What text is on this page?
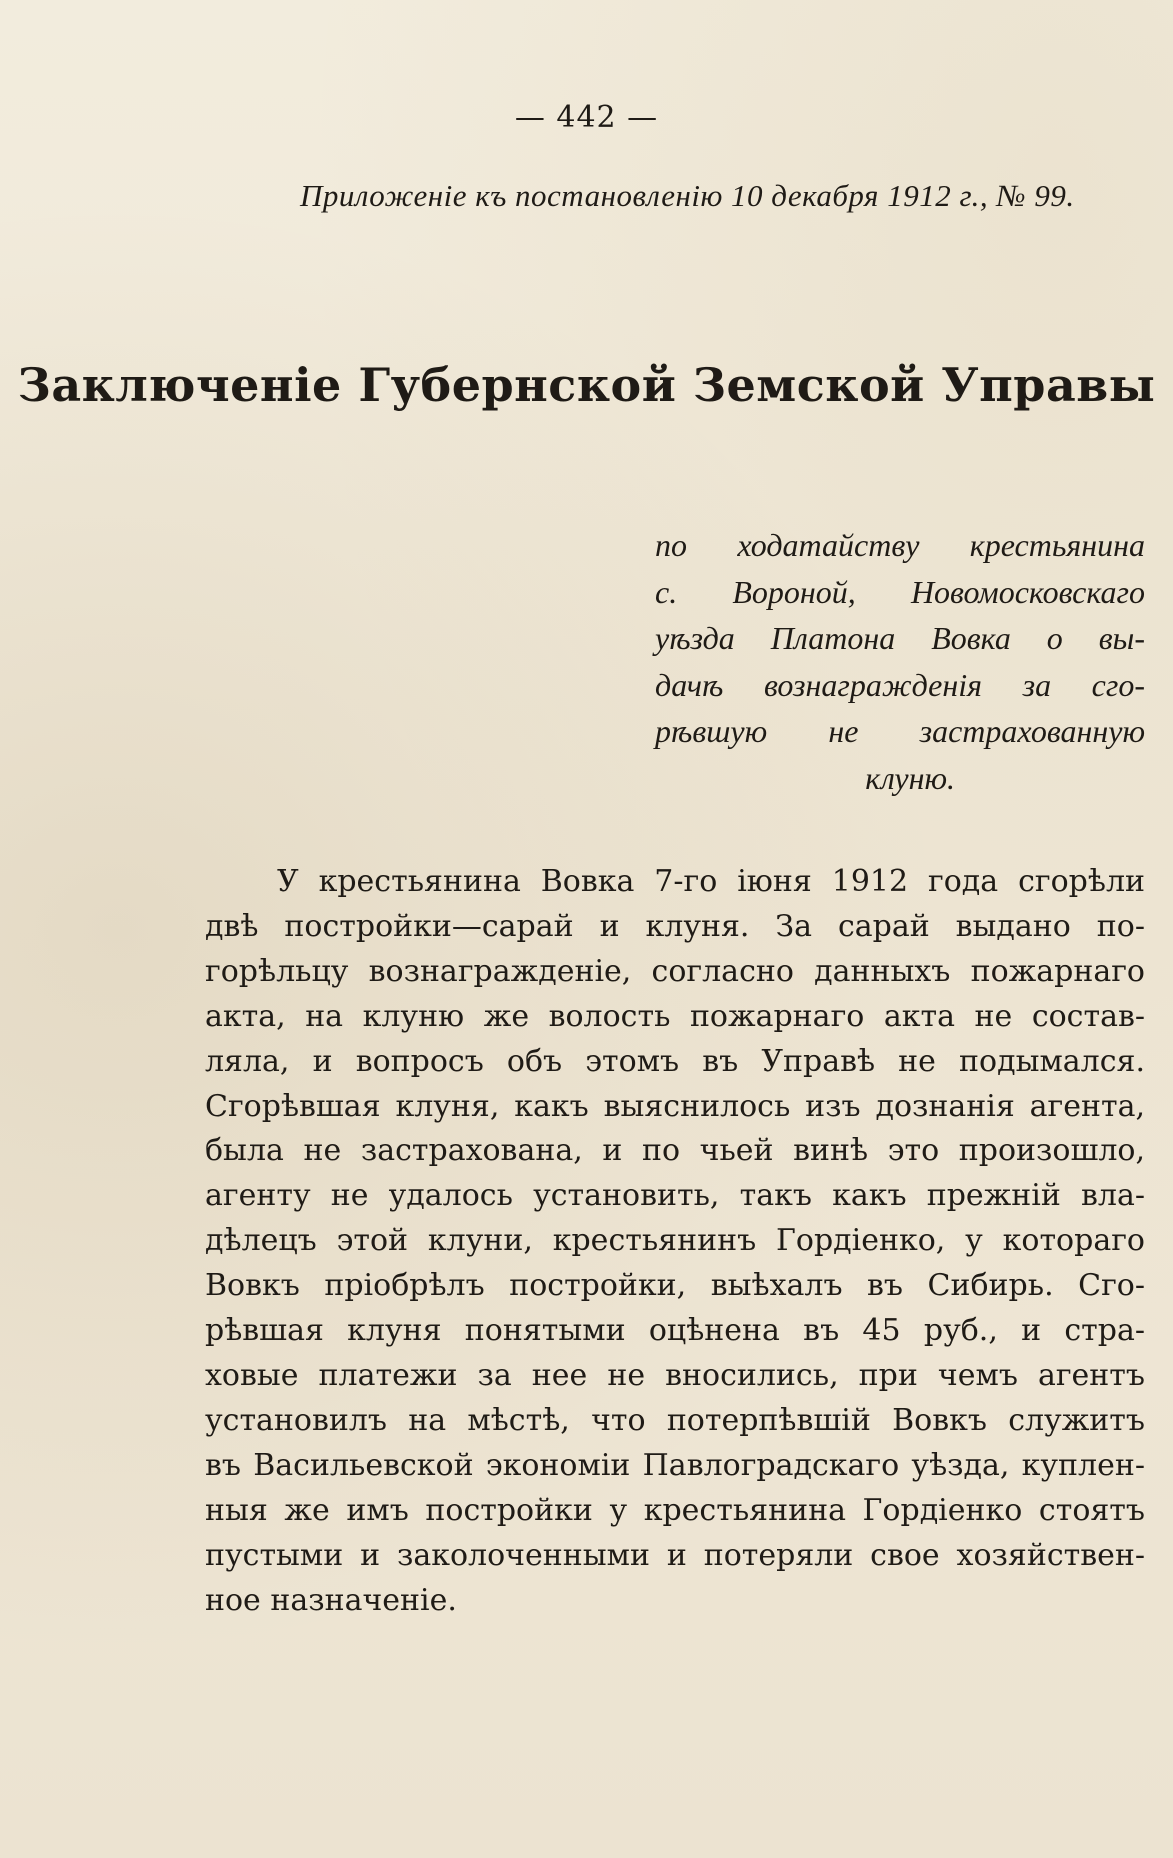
— 442 —
Приложеніе къ постановленію 10 декабря 1912 г., № 99.
Заключеніе Губернской Земской Управы
по ходатайству крестьянина
с. Вороной, Новомосковскаго
уѣзда Платона Вовка о вы-
дачѣ вознагражденія за сго-
рѣвшую не застрахованную
клуню.
У крестьянина Вовка 7-го іюня 1912 года сгорѣли
двѣ постройки—сарай и клуня. За сарай выдано по-
горѣльцу вознагражденіе, согласно данныхъ пожарнаго
акта, на клуню же волость пожарнаго акта не состав-
ляла, и вопросъ объ этомъ въ Управѣ не подымался.
Сгорѣвшая клуня, какъ выяснилось изъ дознанія агента,
была не застрахована, и по чьей винѣ это произошло,
агенту не удалось установить, такъ какъ прежній вла-
дѣлецъ этой клуни, крестьянинъ Гордіенко, у котораго
Вовкъ пріобрѣлъ постройки, выѣхалъ въ Сибирь. Сго-
рѣвшая клуня понятыми оцѣнена въ 45 руб., и стра-
ховые платежи за нее не вносились, при чемъ агентъ
установилъ на мѣстѣ, что потерпѣвшій Вовкъ служитъ
въ Васильевской экономіи Павлоградскаго уѣзда, куплен-
ныя же имъ постройки у крестьянина Гордіенко стоятъ
пустыми и заколоченными и потеряли свое хозяйствен-
ное назначеніе.
